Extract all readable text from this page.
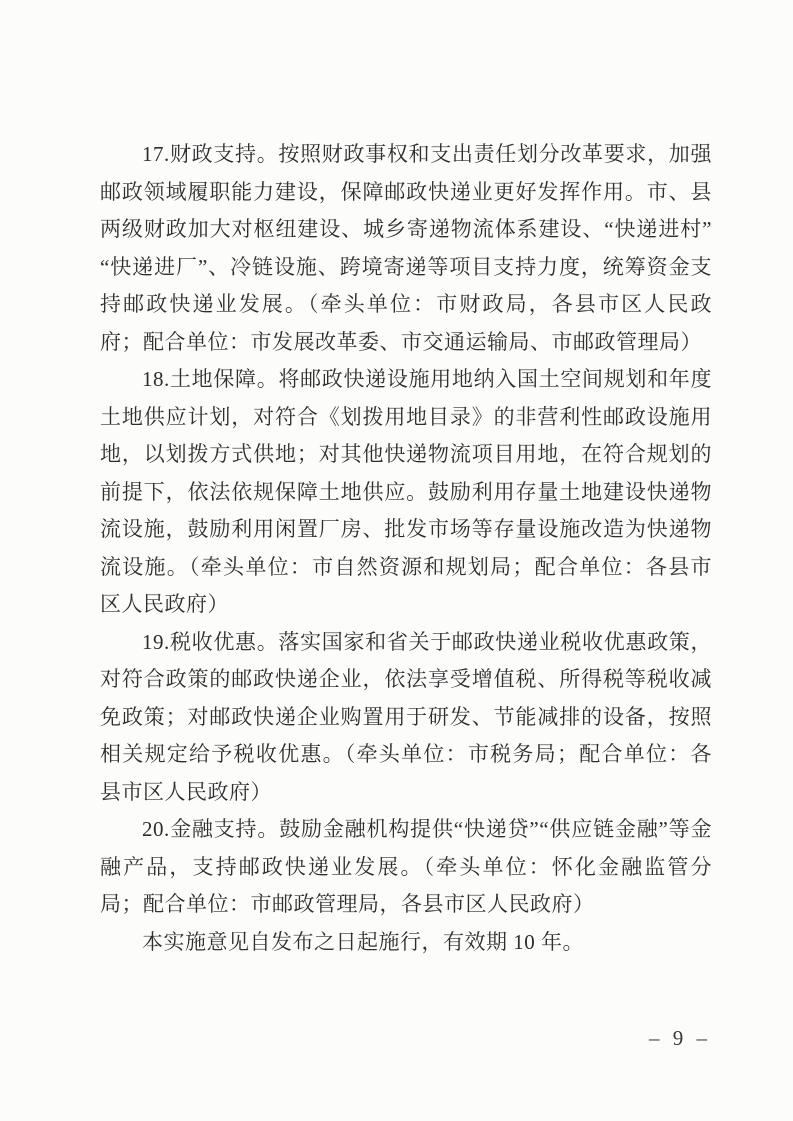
17.财政支持。按照财政事权和支出责任划分改革要求，加强邮政领域履职能力建设，保障邮政快递业更好发挥作用。市、县两级财政加大对枢纽建设、城乡寄递物流体系建设、“快递进村”“快递进厂”、冷链设施、跨境寄递等项目支持力度，统筹资金支持邮政快递业发展。（牵头单位：市财政局，各县市区人民政府；配合单位：市发展改革委、市交通运输局、市邮政管理局）

18.土地保障。将邮政快递设施用地纳入国土空间规划和年度土地供应计划，对符合《划拨用地目录》的非营利性邮政设施用地，以划拨方式供地；对其他快递物流项目用地，在符合规划的前提下，依法依规保障土地供应。鼓励利用存量土地建设快递物流设施，鼓励利用闲置厂房、批发市场等存量设施改造为快递物流设施。（牵头单位：市自然资源和规划局；配合单位：各县市区人民政府）

19.税收优惠。落实国家和省关于邮政快递业税收优惠政策，对符合政策的邮政快递企业，依法享受增值税、所得税等税收减免政策；对邮政快递企业购置用于研发、节能减排的设备，按照相关规定给予税收优惠。（牵头单位：市税务局；配合单位：各县市区人民政府）

20.金融支持。鼓励金融机构提供“快递贷”“供应链金融”等金融产品，支持邮政快递业发展。（牵头单位：怀化金融监管分局；配合单位：市邮政管理局，各县市区人民政府）

本实施意见自发布之日起施行，有效期 10 年。

– 9 –
